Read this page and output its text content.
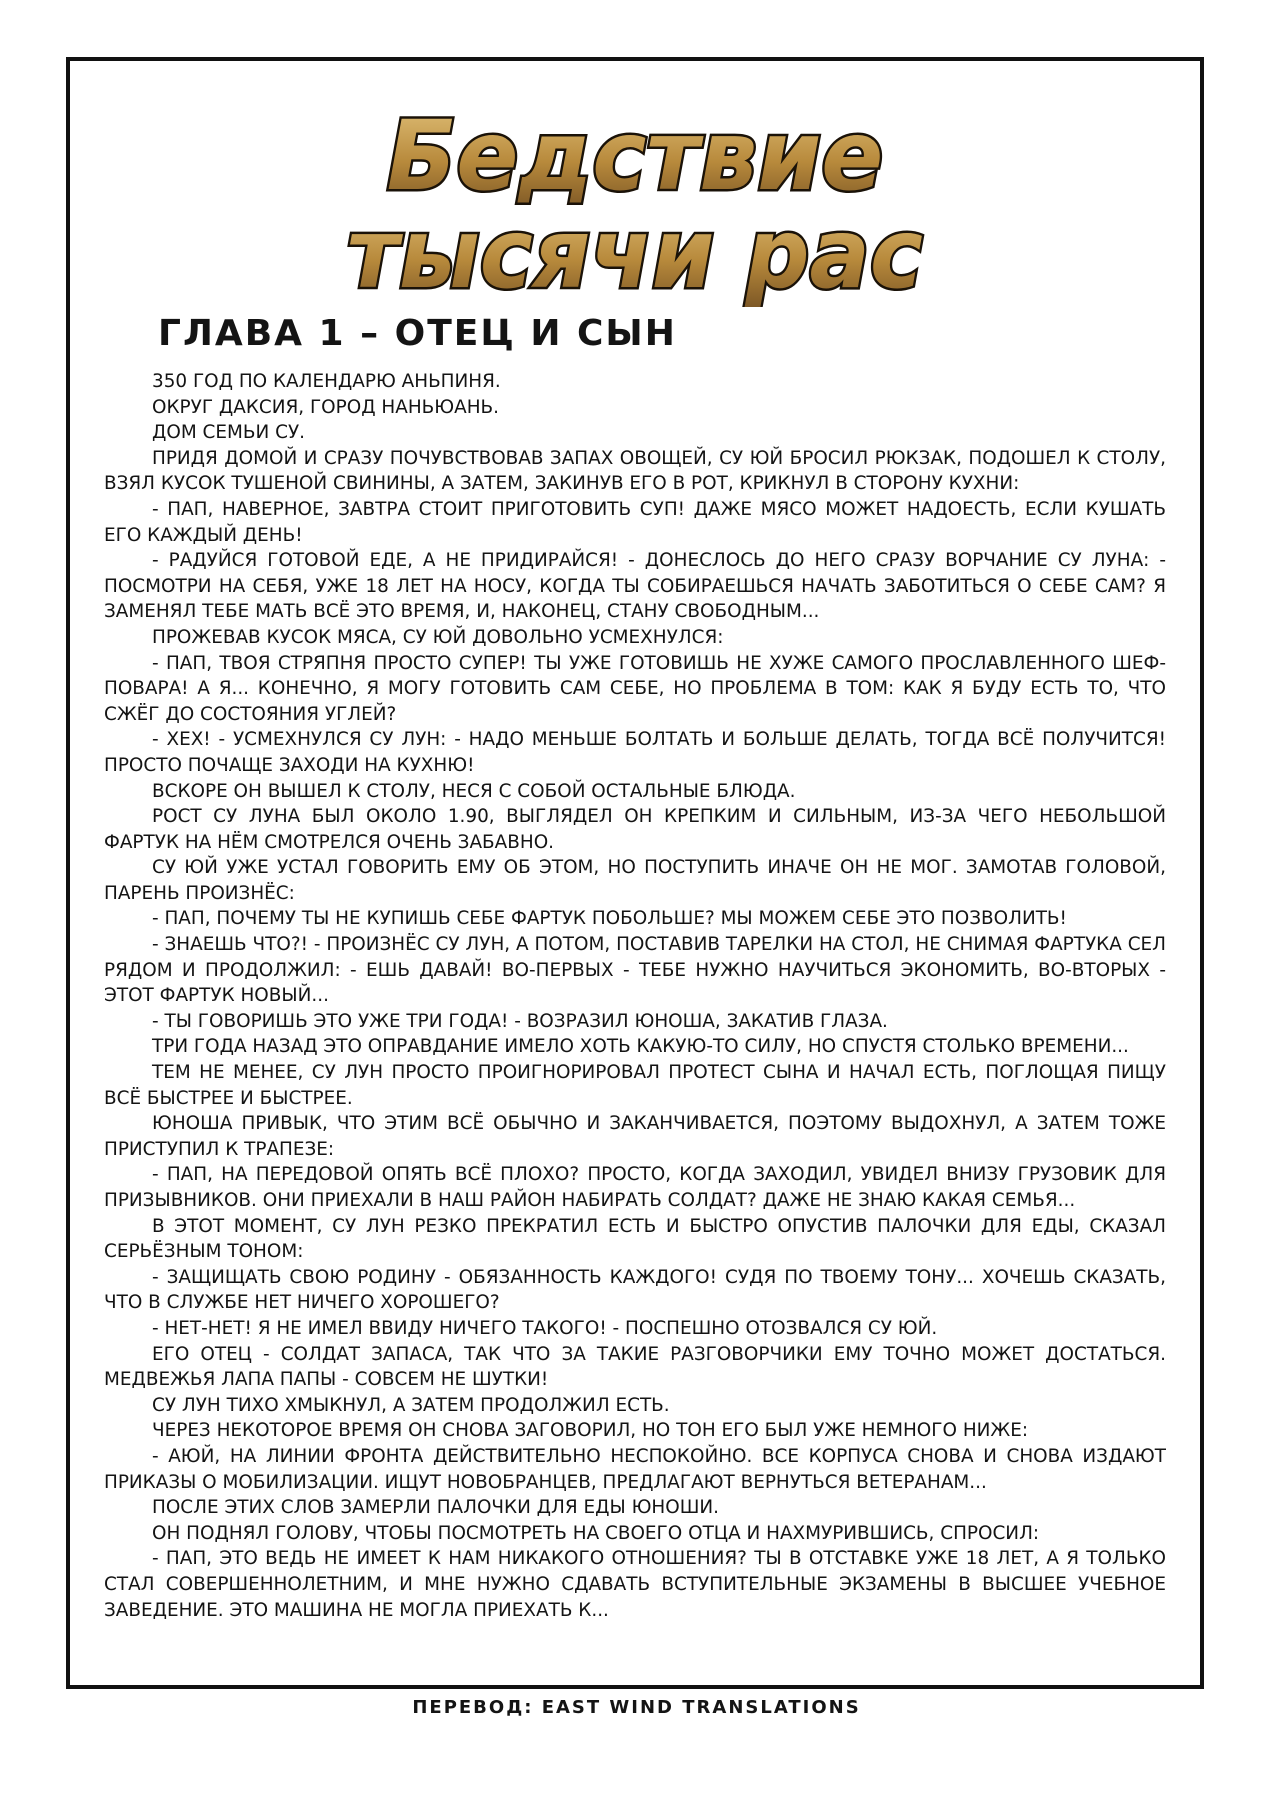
Бедствие
тысячи рас
ГЛАВА 1 – ОТЕЦ И СЫН

350 ГОД ПО КАЛЕНДАРЮ АНЬПИНЯ.

ОКРУГ ДАКСИЯ, ГОРОД НАНЬЮАНЬ.

ДОМ СЕМЬИ СУ.

ПРИДЯ ДОМОЙ И СРАЗУ ПОЧУВСТВОВАВ ЗАПАХ ОВОЩЕЙ, СУ ЮЙ БРОСИЛ РЮКЗАК, ПОДОШЕЛ К СТОЛУ, ВЗЯЛ КУСОК ТУШЕНОЙ СВИНИНЫ, А ЗАТЕМ, ЗАКИНУВ ЕГО В РОТ, КРИКНУЛ В СТОРОНУ КУХНИ:

- ПАП, НАВЕРНОЕ, ЗАВТРА СТОИТ ПРИГОТОВИТЬ СУП! ДАЖЕ МЯСО МОЖЕТ НАДОЕСТЬ, ЕСЛИ КУШАТЬ ЕГО КАЖДЫЙ ДЕНЬ!

- РАДУЙСЯ ГОТОВОЙ ЕДЕ, А НЕ ПРИДИРАЙСЯ! - ДОНЕСЛОСЬ ДО НЕГО СРАЗУ ВОРЧАНИЕ СУ ЛУНА: - ПОСМОТРИ НА СЕБЯ, УЖЕ 18 ЛЕТ НА НОСУ, КОГДА ТЫ СОБИРАЕШЬСЯ НАЧАТЬ ЗАБОТИТЬСЯ О СЕБЕ САМ? Я ЗАМЕНЯЛ ТЕБЕ МАТЬ ВСЁ ЭТО ВРЕМЯ, И, НАКОНЕЦ, СТАНУ СВОБОДНЫМ...

ПРОЖЕВАВ КУСОК МЯСА, СУ ЮЙ ДОВОЛЬНО УСМЕХНУЛСЯ:

- ПАП, ТВОЯ СТРЯПНЯ ПРОСТО СУПЕР! ТЫ УЖЕ ГОТОВИШЬ НЕ ХУЖЕ САМОГО ПРОСЛАВЛЕННОГО ШЕФ-ПОВАРА! А Я... КОНЕЧНО, Я МОГУ ГОТОВИТЬ САМ СЕБЕ, НО ПРОБЛЕМА В ТОМ: КАК Я БУДУ ЕСТЬ ТО, ЧТО СЖЁГ ДО СОСТОЯНИЯ УГЛЕЙ?

- ХЕХ! - УСМЕХНУЛСЯ СУ ЛУН: - НАДО МЕНЬШЕ БОЛТАТЬ И БОЛЬШЕ ДЕЛАТЬ, ТОГДА ВСЁ ПОЛУЧИТСЯ! ПРОСТО ПОЧАЩЕ ЗАХОДИ НА КУХНЮ!

ВСКОРЕ ОН ВЫШЕЛ К СТОЛУ, НЕСЯ С СОБОЙ ОСТАЛЬНЫЕ БЛЮДА.

РОСТ СУ ЛУНА БЫЛ ОКОЛО 1.90, ВЫГЛЯДЕЛ ОН КРЕПКИМ И СИЛЬНЫМ, ИЗ-ЗА ЧЕГО НЕБОЛЬШОЙ ФАРТУК НА НЁМ СМОТРЕЛСЯ ОЧЕНЬ ЗАБАВНО.

СУ ЮЙ УЖЕ УСТАЛ ГОВОРИТЬ ЕМУ ОБ ЭТОМ, НО ПОСТУПИТЬ ИНАЧЕ ОН НЕ МОГ. ЗАМОТАВ ГОЛОВОЙ, ПАРЕНЬ ПРОИЗНЁС:

- ПАП, ПОЧЕМУ ТЫ НЕ КУПИШЬ СЕБЕ ФАРТУК ПОБОЛЬШЕ? МЫ МОЖЕМ СЕБЕ ЭТО ПОЗВОЛИТЬ!

- ЗНАЕШЬ ЧТО?! - ПРОИЗНЁС СУ ЛУН, А ПОТОМ, ПОСТАВИВ ТАРЕЛКИ НА СТОЛ, НЕ СНИМАЯ ФАРТУКА СЕЛ РЯДОМ И ПРОДОЛЖИЛ: - ЕШЬ ДАВАЙ! ВО-ПЕРВЫХ - ТЕБЕ НУЖНО НАУЧИТЬСЯ ЭКОНОМИТЬ, ВО-ВТОРЫХ - ЭТОТ ФАРТУК НОВЫЙ...

- ТЫ ГОВОРИШЬ ЭТО УЖЕ ТРИ ГОДА! - ВОЗРАЗИЛ ЮНОША, ЗАКАТИВ ГЛАЗА.

ТРИ ГОДА НАЗАД ЭТО ОПРАВДАНИЕ ИМЕЛО ХОТЬ КАКУЮ-ТО СИЛУ, НО СПУСТЯ СТОЛЬКО ВРЕМЕНИ...

ТЕМ НЕ МЕНЕЕ, СУ ЛУН ПРОСТО ПРОИГНОРИРОВАЛ ПРОТЕСТ СЫНА И НАЧАЛ ЕСТЬ, ПОГЛОЩАЯ ПИЩУ ВСЁ БЫСТРЕЕ И БЫСТРЕЕ.

ЮНОША ПРИВЫК, ЧТО ЭТИМ ВСЁ ОБЫЧНО И ЗАКАНЧИВАЕТСЯ, ПОЭТОМУ ВЫДОХНУЛ, А ЗАТЕМ ТОЖЕ ПРИСТУПИЛ К ТРАПЕЗЕ:

- ПАП, НА ПЕРЕДОВОЙ ОПЯТЬ ВСЁ ПЛОХО? ПРОСТО, КОГДА ЗАХОДИЛ, УВИДЕЛ ВНИЗУ ГРУЗОВИК ДЛЯ ПРИЗЫВНИКОВ. ОНИ ПРИЕХАЛИ В НАШ РАЙОН НАБИРАТЬ СОЛДАТ? ДАЖЕ НЕ ЗНАЮ КАКАЯ СЕМЬЯ...

В ЭТОТ МОМЕНТ, СУ ЛУН РЕЗКО ПРЕКРАТИЛ ЕСТЬ И БЫСТРО ОПУСТИВ ПАЛОЧКИ ДЛЯ ЕДЫ, СКАЗАЛ СЕРЬЁЗНЫМ ТОНОМ:

- ЗАЩИЩАТЬ СВОЮ РОДИНУ - ОБЯЗАННОСТЬ КАЖДОГО! СУДЯ ПО ТВОЕМУ ТОНУ... ХОЧЕШЬ СКАЗАТЬ, ЧТО В СЛУЖБЕ НЕТ НИЧЕГО ХОРОШЕГО?

- НЕТ-НЕТ! Я НЕ ИМЕЛ ВВИДУ НИЧЕГО ТАКОГО! - ПОСПЕШНО ОТОЗВАЛСЯ СУ ЮЙ.

ЕГО ОТЕЦ - СОЛДАТ ЗАПАСА, ТАК ЧТО ЗА ТАКИЕ РАЗГОВОРЧИКИ ЕМУ ТОЧНО МОЖЕТ ДОСТАТЬСЯ. МЕДВЕЖЬЯ ЛАПА ПАПЫ - СОВСЕМ НЕ ШУТКИ!

СУ ЛУН ТИХО ХМЫКНУЛ, А ЗАТЕМ ПРОДОЛЖИЛ ЕСТЬ.

ЧЕРЕЗ НЕКОТОРОЕ ВРЕМЯ ОН СНОВА ЗАГОВОРИЛ, НО ТОН ЕГО БЫЛ УЖЕ НЕМНОГО НИЖЕ:

- АЮЙ, НА ЛИНИИ ФРОНТА ДЕЙСТВИТЕЛЬНО НЕСПОКОЙНО. ВСЕ КОРПУСА СНОВА И СНОВА ИЗДАЮТ ПРИКАЗЫ О МОБИЛИЗАЦИИ. ИЩУТ НОВОБРАНЦЕВ, ПРЕДЛАГАЮТ ВЕРНУТЬСЯ ВЕТЕРАНАМ...

ПОСЛЕ ЭТИХ СЛОВ ЗАМЕРЛИ ПАЛОЧКИ ДЛЯ ЕДЫ ЮНОШИ.

ОН ПОДНЯЛ ГОЛОВУ, ЧТОБЫ ПОСМОТРЕТЬ НА СВОЕГО ОТЦА И НАХМУРИВШИСЬ, СПРОСИЛ:

- ПАП, ЭТО ВЕДЬ НЕ ИМЕЕТ К НАМ НИКАКОГО ОТНОШЕНИЯ? ТЫ В ОТСТАВКЕ УЖЕ 18 ЛЕТ, А Я ТОЛЬКО СТАЛ СОВЕРШЕННОЛЕТНИМ, И МНЕ НУЖНО СДАВАТЬ ВСТУПИТЕЛЬНЫЕ ЭКЗАМЕНЫ В ВЫСШЕЕ УЧЕБНОЕ ЗАВЕДЕНИЕ. ЭТО МАШИНА НЕ МОГЛА ПРИЕХАТЬ К...

ПЕРЕВОД: EAST WIND TRANSLATIONS
